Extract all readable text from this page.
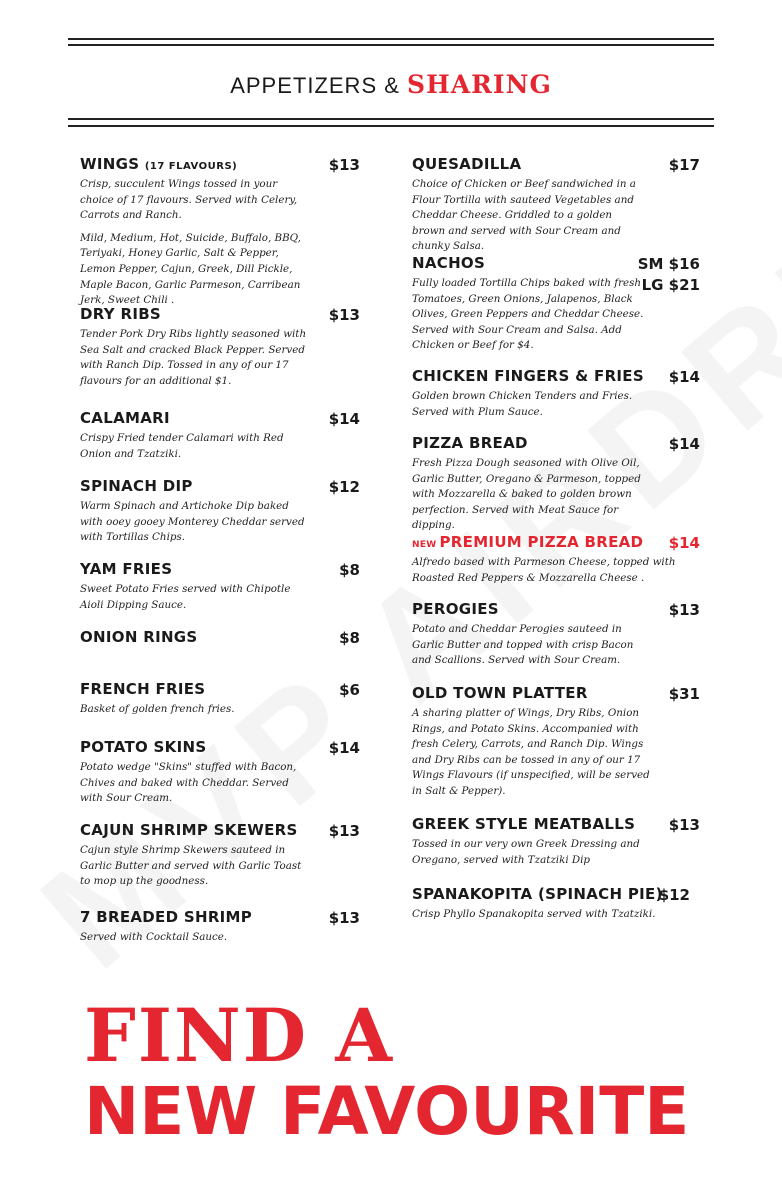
APPETIZERS & SHARING
WINGS (17 FLAVOURS)	$13
Crisp, succulent Wings tossed in your choice of 17 flavours. Served with Celery, Carrots and Ranch.
Mild, Medium, Hot, Suicide, Buffalo, BBQ, Teriyaki, Honey Garlic, Salt & Pepper, Lemon Pepper, Cajun, Greek, Dill Pickle, Maple Bacon, Garlic Parmeson, Carribean Jerk, Sweet Chili .
DRY RIBS	$13
Tender Pork Dry Ribs lightly seasoned with Sea Salt and cracked Black Pepper. Served with Ranch Dip. Tossed in any of our 17 flavours for an additional $1.
CALAMARI	$14
Crispy Fried tender Calamari with Red Onion and Tzatziki.
SPINACH DIP	$12
Warm Spinach and Artichoke Dip baked with ooey gooey Monterey Cheddar served with Tortillas Chips.
YAM FRIES	$8
Sweet Potato Fries served with Chipotle Aioli Dipping Sauce.
ONION RINGS	$8
FRENCH FRIES	$6
Basket of golden french fries.
POTATO SKINS	$14
Potato wedge "Skins" stuffed with Bacon, Chives and baked with Cheddar. Served with Sour Cream.
CAJUN SHRIMP SKEWERS $13
Cajun style Shrimp Skewers sauteed in Garlic Butter and served with Garlic Toast to mop up the goodness.
7 BREADED SHRIMP	$13
Served with Cocktail Sauce.
QUESADILLA	$17
Choice of Chicken or Beef sandwiched in a Flour Tortilla with sauteed Vegetables and Cheddar Cheese. Griddled to a golden brown and served with Sour Cream and chunky Salsa.
NACHOS	SM $16
LG $21
Fully loaded Tortilla Chips baked with fresh Tomatoes, Green Onions, Jalapenos, Black Olives, Green Peppers and Cheddar Cheese. Served with Sour Cream and Salsa. Add Chicken or Beef for $4.
CHICKEN FINGERS & FRIES $14
Golden brown Chicken Tenders and Fries. Served with Plum Sauce.
PIZZA BREAD	$14
Fresh Pizza Dough seasoned with Olive Oil, Garlic Butter, Oregano & Parmeson, topped with Mozzarella & baked to golden brown perfection. Served with Meat Sauce for dipping.
NEW PREMIUM PIZZA BREAD $14
Alfredo based with Parmeson Cheese, topped with Roasted Red Peppers & Mozzarella Cheese .
PEROGIES	$13
Potato and Cheddar Perogies sauteed in Garlic Butter and topped with crisp Bacon and Scallions. Served with Sour Cream.
OLD TOWN PLATTER	$31
A sharing platter of Wings, Dry Ribs, Onion Rings, and Potato Skins. Accompanied with fresh Celery, Carrots, and Ranch Dip. Wings and Dry Ribs can be tossed in any of our 17 Wings Flavours (if unspecified, will be served in Salt & Pepper).
GREEK STYLE MEATBALLS $13
Tossed in our very own Greek Dressing and Oregano, served with Tzatziki Dip
SPANAKOPITA (SPINACH PIE)
$12
Crisp Phyllo Spanakopita served with Tzatziki.
FIND A
NEW FAVOURITE
